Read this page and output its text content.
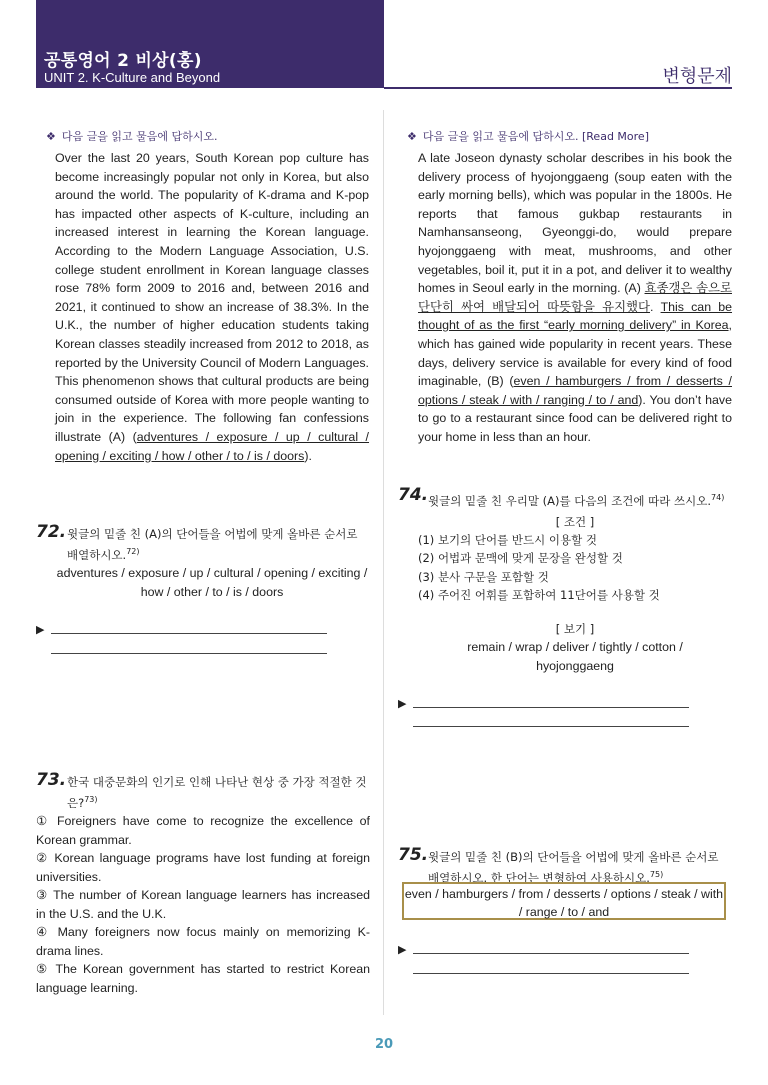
공통영어 2 비상(홍)
UNIT 2. K-Culture and Beyond	변형문제
❖ 다음 글을 읽고 물음에 답하시오.
Over the last 20 years, South Korean pop culture has become increasingly popular not only in Korea, but also around the world. The popularity of K-drama and K-pop has impacted other aspects of K-culture, including an increased interest in learning the Korean language. According to the Modern Language Association, U.S. college student enrollment in Korean language classes rose 78% form 2009 to 2016 and, between 2016 and 2021, it continued to show an increase of 38.3%. In the U.K., the number of higher education students taking Korean classes steadily increased from 2012 to 2018, as reported by the University Council of Modern Languages. This phenomenon shows that cultural products are being consumed outside of Korea with more people wanting to join in the experience. The following fan confessions illustrate (A) (adventures / exposure / up / cultural / opening / exciting / how / other / to / is / doors).
72. 윗글의 밑줄 친 (A)의 단어들을 어법에 맞게 올바른 순서로 배열하시오.$^{72)}$
adventures / exposure / up / cultural / opening / exciting / how / other / to / is / doors
▶
73. 한국 대중문화의 인기로 인해 나타난 현상 중 가장 적절한 것은?$^{73)}$
① Foreigners have come to recognize the excellence of Korean grammar.
② Korean language programs have lost funding at foreign universities.
③ The number of Korean language learners has increased in the U.S. and the U.K.
④ Many foreigners now focus mainly on memorizing K-drama lines.
⑤ The Korean government has started to restrict Korean language learning.
❖ 다음 글을 읽고 물음에 답하시오. [Read More]
A late Joseon dynasty scholar describes in his book the delivery process of hyojonggaeng (soup eaten with the early morning bells), which was popular in the 1800s. He reports that famous gukbap restaurants in Namhansanseong, Gyeonggi-do, would prepare hyojonggaeng with meat, mushrooms, and other vegetables, boil it, put it in a pot, and deliver it to wealthy homes in Seoul early in the morning. (A) 효종갱은 솜으로 단단히 싸여 배달되어 따뜻함을 유지했다. This can be thought of as the first “early morning delivery” in Korea, which has gained wide popularity in recent years. These days, delivery service is available for every kind of food imaginable, (B) (even / hamburgers / from / desserts / options / steak / with / ranging / to / and). You don’t have to go to a restaurant since food can be delivered right to your home in less than an hour.
74. 윗글의 밑줄 친 우리말 (A)를 다음의 조건에 따라 쓰시오.$^{74)}$
[ 조건 ]
(1) 보기의 단어를 반드시 이용할 것
(2) 어법과 문맥에 맞게 문장을 완성할 것
(3) 분사 구문을 포함할 것
(4) 주어진 어휘를 포함하여 11단어를 사용할 것
[ 보기 ]
remain / wrap / deliver / tightly / cotton / hyojonggaeng
▶
75. 윗글의 밑줄 친 (B)의 단어들을 어법에 맞게 올바른 순서로 배열하시오. 한 단어는 변형하여 사용하시오.$^{75)}$
even / hamburgers / from / desserts / options / steak / with / range / to / and
▶
20
